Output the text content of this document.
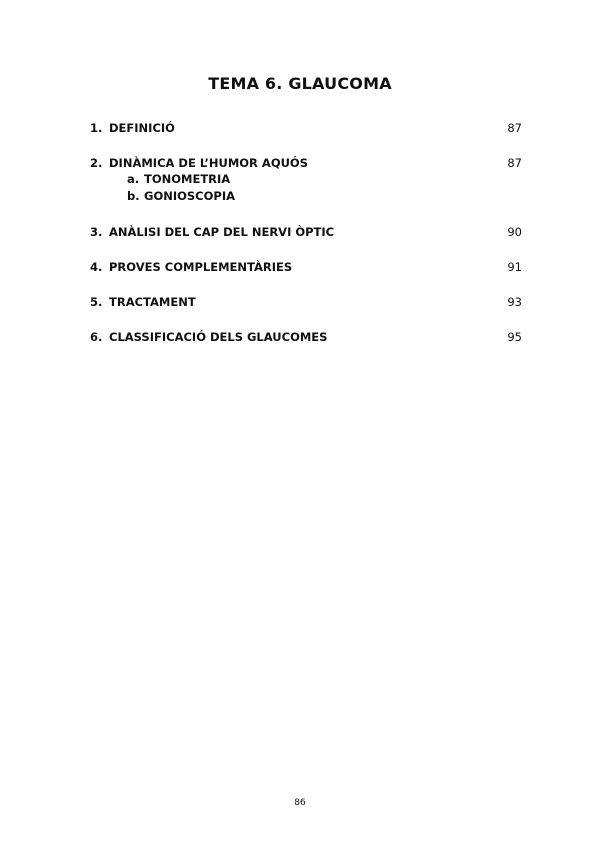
TEMA 6. GLAUCOMA
1. DEFINICIÓ	87
2. DINÀMICA DE L’HUMOR AQUÓS	87
a. TONOMETRIA
b. GONIOSCOPIA
3. ANÀLISI DEL CAP DEL NERVI ÒPTIC	90
4. PROVES COMPLEMENTÀRIES	91
5. TRACTAMENT	93
6. CLASSIFICACIÓ DELS GLAUCOMES	95
86
